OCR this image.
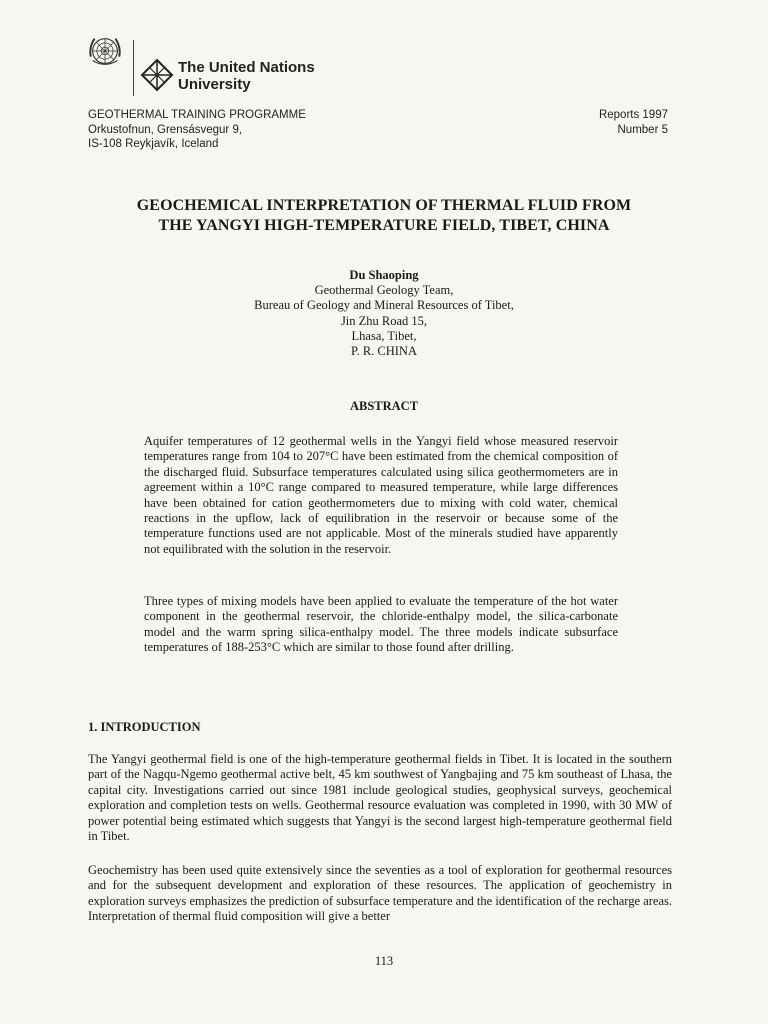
The United Nations
University
GEOTHERMAL TRAINING PROGRAMME
Orkustofnun, Grensásvegur 9,
IS-108 Reykjavík, Iceland
Reports 1997
Number 5
GEOCHEMICAL INTERPRETATION OF THERMAL FLUID FROM
THE YANGYI HIGH-TEMPERATURE FIELD, TIBET, CHINA
Du Shaoping
Geothermal Geology Team,
Bureau of Geology and Mineral Resources of Tibet,
Jin Zhu Road 15,
Lhasa, Tibet,
P. R. CHINA
ABSTRACT
Aquifer temperatures of 12 geothermal wells in the Yangyi field whose measured reservoir temperatures range from 104 to 207°C have been estimated from the chemical composition of the discharged fluid. Subsurface temperatures calculated using silica geothermometers are in agreement within a 10°C range compared to measured temperature, while large differences have been obtained for cation geothermometers due to mixing with cold water, chemical reactions in the upflow, lack of equilibration in the reservoir or because some of the temperature functions used are not applicable. Most of the minerals studied have apparently not equilibrated with the solution in the reservoir.
Three types of mixing models have been applied to evaluate the temperature of the hot water component in the geothermal reservoir, the chloride-enthalpy model, the silica-carbonate model and the warm spring silica-enthalpy model. The three models indicate subsurface temperatures of 188-253°C which are similar to those found after drilling.
1. INTRODUCTION
The Yangyi geothermal field is one of the high-temperature geothermal fields in Tibet. It is located in the southern part of the Nagqu-Ngemo geothermal active belt, 45 km southwest of Yangbajing and 75 km southeast of Lhasa, the capital city. Investigations carried out since 1981 include geological studies, geophysical surveys, geochemical exploration and completion tests on wells. Geothermal resource evaluation was completed in 1990, with 30 MW of power potential being estimated which suggests that Yangyi is the second largest high-temperature geothermal field in Tibet.
Geochemistry has been used quite extensively since the seventies as a tool of exploration for geothermal resources and for the subsequent development and exploration of these resources. The application of geochemistry in exploration surveys emphasizes the prediction of subsurface temperature and the identification of the recharge areas. Interpretation of thermal fluid composition will give a better
113
